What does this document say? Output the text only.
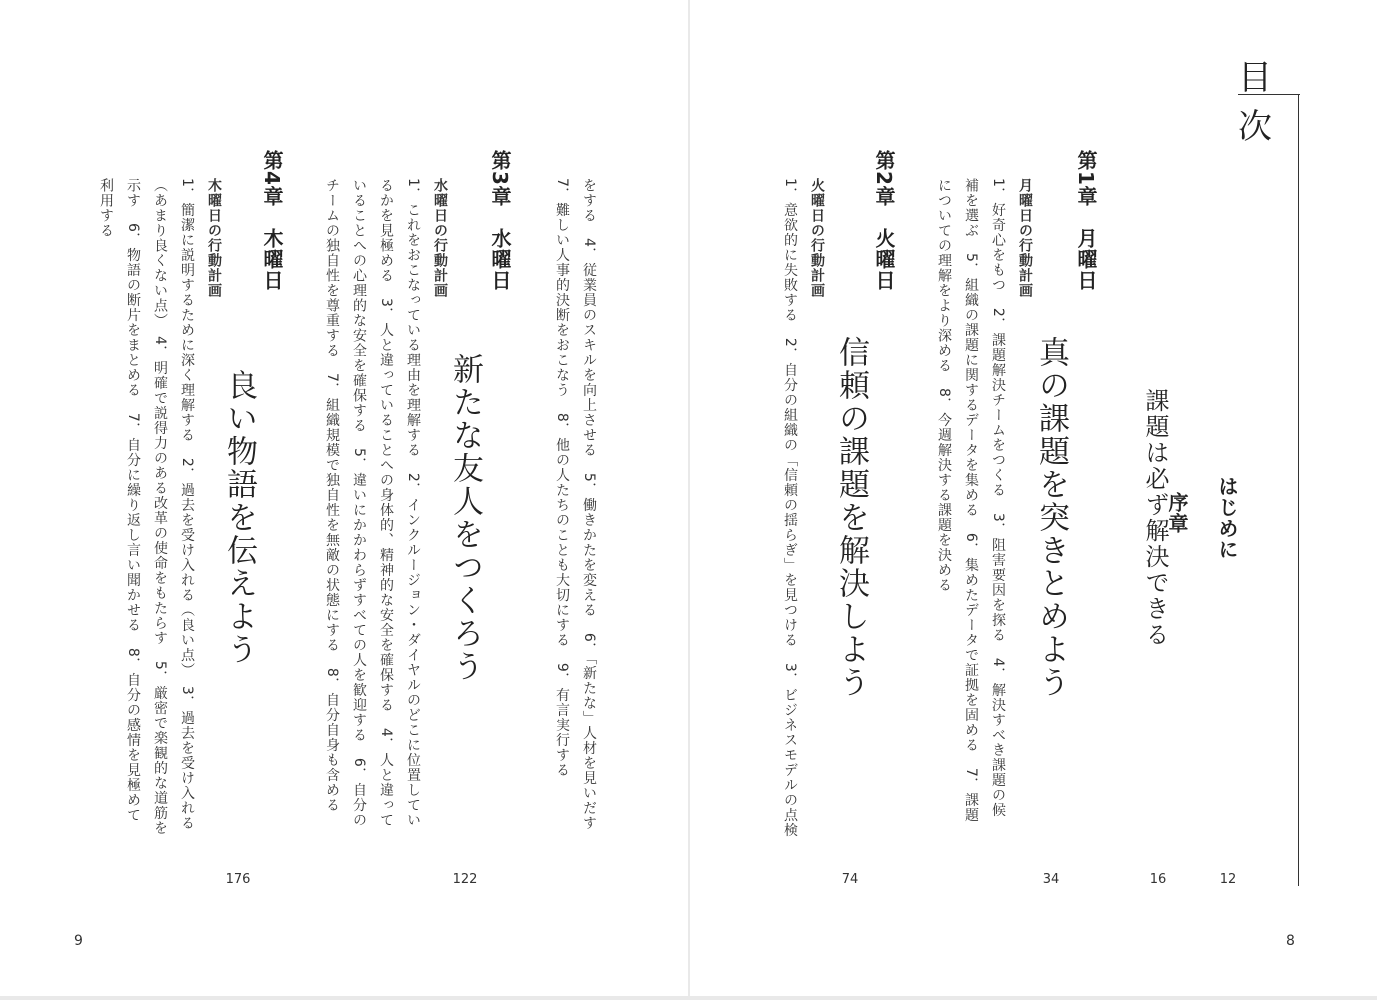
目次
はじめに
12
序章
課題は必ず解決できる
16
第1章　月曜日
真の課題を突きとめよう
34
月曜日の行動計画
1．好奇心をもつ　2．課題解決チームをつくる　3．阻害要因を探る　4．解決すべき課題の候
補を選ぶ　5．組織の課題に関するデータを集める　6．集めたデータで証拠を固める　7．課題
についての理解をより深める　8．今週解決する課題を決める
第2章　火曜日
信頼の課題を解決しよう
74
火曜日の行動計画
1．意欲的に失敗する　2．自分の組織の「信頼の揺らぎ」を見つける　3．ビジネスモデルの点検
8
をする　4．従業員のスキルを向上させる　5．働きかたを変える　6．「新たな」人材を見いだす
7．難しい人事的決断をおこなう　8．他の人たちのことも大切にする　9．有言実行する
第3章　水曜日
新たな友人をつくろう
122
水曜日の行動計画
1．これをおこなっている理由を理解する　2．インクルージョン・ダイヤルのどこに位置してい
るかを見極める　3．人と違っていることへの身体的、精神的な安全を確保する　4．人と違って
いることへの心理的な安全を確保する　5．違いにかかわらずすべての人を歓迎する　6．自分の
チームの独自性を尊重する　7．組織規模で独自性を無敵の状態にする　8．自分自身も含める
第4章　木曜日
良い物語を伝えよう
176
木曜日の行動計画
1．簡潔に説明するために深く理解する　2．過去を受け入れる（良い点）　3．過去を受け入れる
（あまり良くない点）　4．明確で説得力のある改革の使命をもたらす　5．厳密で楽観的な道筋を
示す　6．物語の断片をまとめる　7．自分に繰り返し言い聞かせる　8．自分の感情を見極めて
利用する
9
